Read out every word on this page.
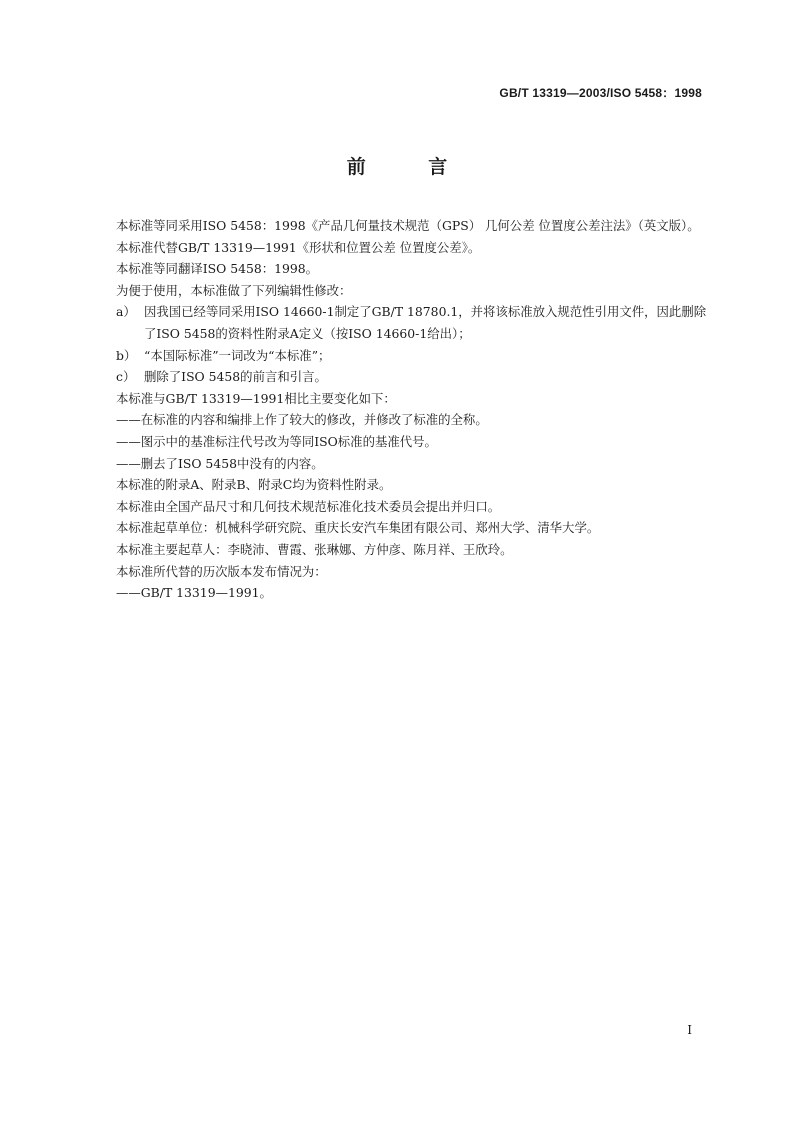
GB/T 13319—2003/ISO 5458：1998
前 言

本标准等同采用ISO 5458：1998《产品几何量技术规范（GPS） 几何公差 位置度公差注法》（英文版）。

本标准代替GB/T 13319—1991《形状和位置公差 位置度公差》。

本标准等同翻译ISO 5458：1998。

为便于使用，本标准做了下列编辑性修改：

a） 因我国已经等同采用ISO 14660-1制定了GB/T 18780.1，并将该标准放入规范性引用文件，因此删除了ISO 5458的资料性附录A定义（按ISO 14660-1给出）；

b） “本国际标准”一词改为“本标准”；

c） 删除了ISO 5458的前言和引言。

本标准与GB/T 13319—1991相比主要变化如下：

——在标准的内容和编排上作了较大的修改，并修改了标准的全称。

——图示中的基准标注代号改为等同ISO标准的基准代号。

——删去了ISO 5458中没有的内容。

本标准的附录A、附录B、附录C均为资料性附录。

本标准由全国产品尺寸和几何技术规范标准化技术委员会提出并归口。

本标准起草单位：机械科学研究院、重庆长安汽车集团有限公司、郑州大学、清华大学。

本标准主要起草人：李晓沛、曹霞、张琳娜、方仲彦、陈月祥、王欣玲。

本标准所代替的历次版本发布情况为：

——GB/T 13319—1991。

I
